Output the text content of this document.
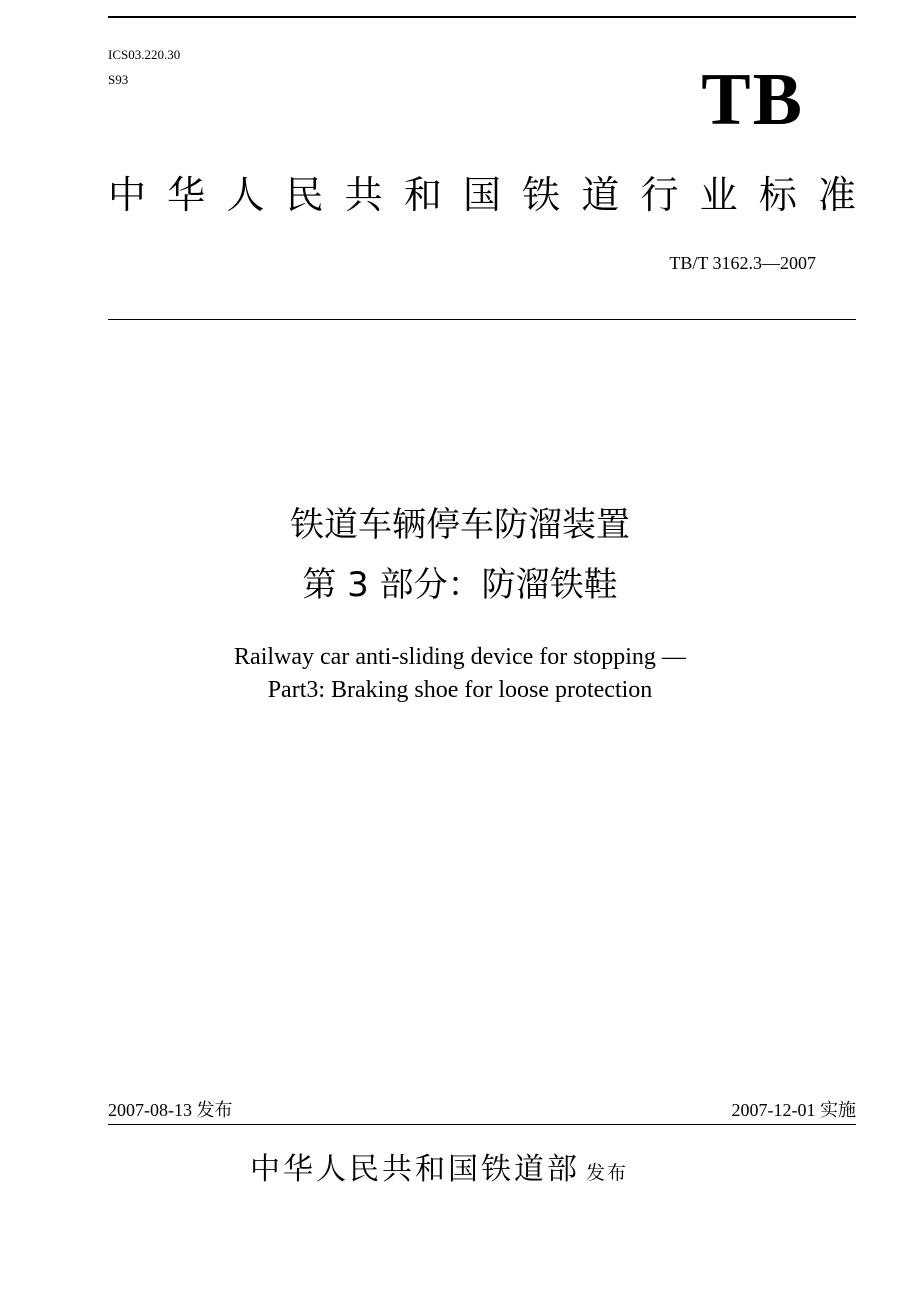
ICS03.220.30
S93	TB
中华人民共和国铁道行业标准
TB/T 3162.3—2007
铁道车辆停车防溜装置
第 3 部分：防溜铁鞋
Railway car anti-sliding device for stopping —
Part3: Braking shoe for loose protection
2007-08-13 发布	2007-12-01 实施
中华人民共和国铁道部 发布
